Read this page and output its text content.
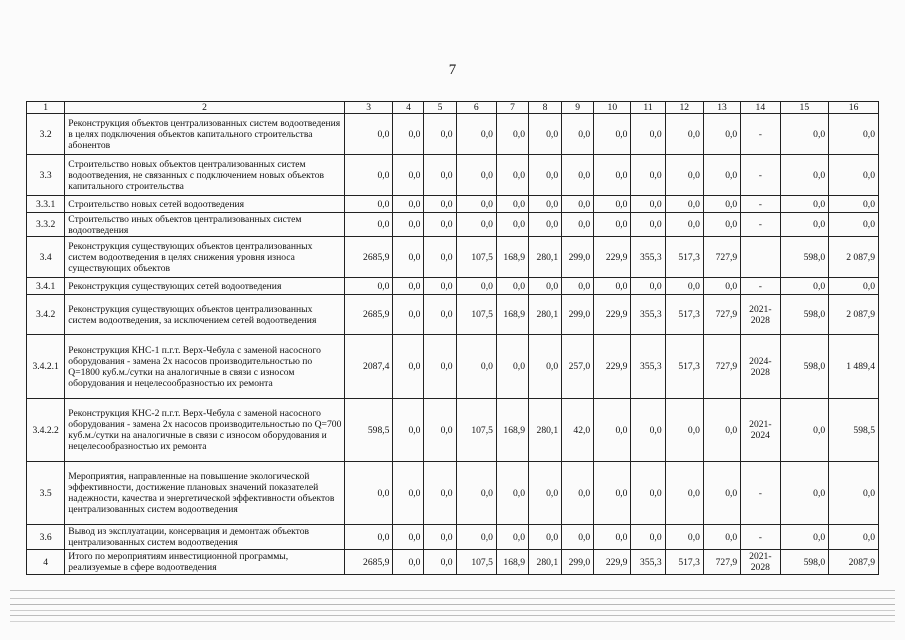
7
1	2	3	4	5	6	7	8	9	10	11	12	13	14	15	16
3.2	Реконструкция объектов централизованных систем водоотведения в целях подключения объектов капитального строительства абонентов	0,0	0,0	0,0	0,0	0,0	0,0	0,0	0,0	0,0	0,0	0,0	-	0,0	0,0
3.3	Строительство новых объектов централизованных систем водоотведения, не связанных с подключением новых объектов капитального строительства	0,0	0,0	0,0	0,0	0,0	0,0	0,0	0,0	0,0	0,0	0,0	-	0,0	0,0
3.3.1	Строительство новых сетей водоотведения	0,0	0,0	0,0	0,0	0,0	0,0	0,0	0,0	0,0	0,0	0,0	-	0,0	0,0
3.3.2	Строительство иных объектов централизованных систем водоотведения	0,0	0,0	0,0	0,0	0,0	0,0	0,0	0,0	0,0	0,0	0,0	-	0,0	0,0
3.4	Реконструкция существующих объектов централизованных систем водоотведения в целях снижения уровня износа существующих объектов	2685,9	0,0	0,0	107,5	168,9	280,1	299,0	229,9	355,3	517,3	727,9		598,0	2 087,9
3.4.1	Реконструкция существующих сетей водоотведения	0,0	0,0	0,0	0,0	0,0	0,0	0,0	0,0	0,0	0,0	0,0	-	0,0	0,0
3.4.2	Реконструкция существующих объектов централизованных систем водоотведения, за исключением сетей водоотведения	2685,9	0,0	0,0	107,5	168,9	280,1	299,0	229,9	355,3	517,3	727,9	2021-2028	598,0	2 087,9
3.4.2.1	Реконструкция КНС-1 п.г.т. Верх-Чебула с заменой насосного оборудования - замена 2х насосов производительностью по Q=1800 куб.м./сутки на аналогичные в связи с износом оборудования и нецелесообразностью их ремонта	2087,4	0,0	0,0	0,0	0,0	0,0	257,0	229,9	355,3	517,3	727,9	2024-2028	598,0	1 489,4
3.4.2.2	Реконструкция КНС-2 п.г.т. Верх-Чебула с заменой насосного оборудования - замена 2х насосов производительностью по Q=700 куб.м./сутки на аналогичные в связи с износом оборудования и нецелесообразностью их ремонта	598,5	0,0	0,0	107,5	168,9	280,1	42,0	0,0	0,0	0,0	0,0	2021-2024	0,0	598,5
3.5	Мероприятия, направленные на повышение экологической эффективности, достижение плановых значений показателей надежности, качества и энергетической эффективности объектов централизованных систем водоотведения	0,0	0,0	0,0	0,0	0,0	0,0	0,0	0,0	0,0	0,0	0,0	-	0,0	0,0
3.6	Вывод из эксплуатации, консервация и демонтаж объектов централизованных систем водоотведения	0,0	0,0	0,0	0,0	0,0	0,0	0,0	0,0	0,0	0,0	0,0	-	0,0	0,0
4	Итого по мероприятиям инвестиционной программы, реализуемые в сфере водоотведения	2685,9	0,0	0,0	107,5	168,9	280,1	299,0	229,9	355,3	517,3	727,9	2021-2028	598,0	2087,9
